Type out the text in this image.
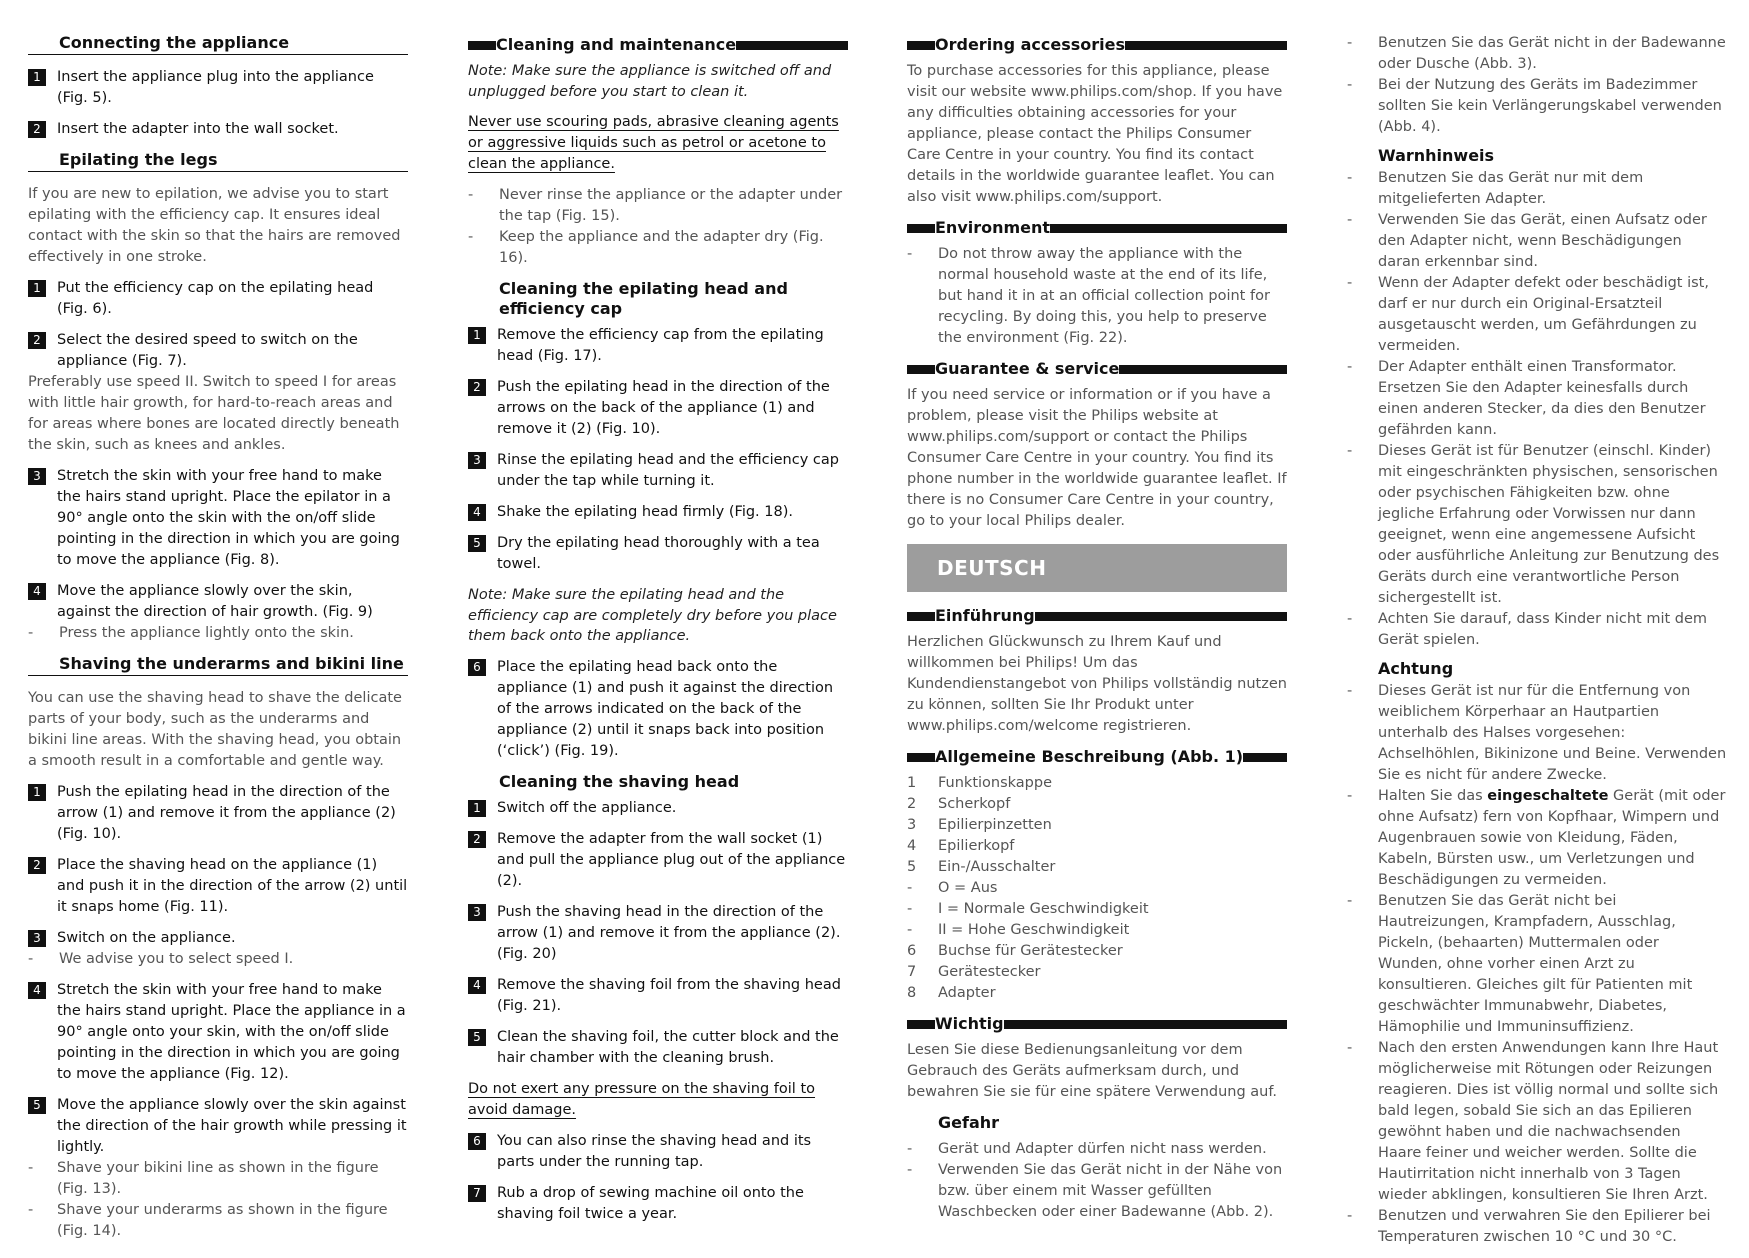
Connecting the appliance
1	Insert the appliance plug into the appliance (Fig. 5).
2	Insert the adapter into the wall socket.
Epilating the legs

If you are new to epilation, we advise you to start epilating with the efficiency cap. It ensures ideal contact with the skin so that the hairs are removed effectively in one stroke.

1	Put the efficiency cap on the epilating head (Fig. 6).
2	Select the desired speed to switch on the appliance (Fig. 7).

Preferably use speed II. Switch to speed I for areas with little hair growth, for hard-to-reach areas and for areas where bones are located directly beneath the skin, such as knees and ankles.

3	Stretch the skin with your free hand to make the hairs stand upright. Place the epilator in a 90° angle onto the skin with the on/off slide pointing in the direction in which you are going to move the appliance (Fig. 8).
4	Move the appliance slowly over the skin, against the direction of hair growth. (Fig. 9)
-	Press the appliance lightly onto the skin.
Shaving the underarms and bikini line

You can use the shaving head to shave the delicate parts of your body, such as the underarms and bikini line areas. With the shaving head, you obtain a smooth result in a comfortable and gentle way.

1	Push the epilating head in the direction of the arrow (1) and remove it from the appliance (2) (Fig. 10).
2	Place the shaving head on the appliance (1) and push it in the direction of the arrow (2) until it snaps home (Fig. 11).
3	Switch on the appliance.
-	We advise you to select speed I.
4	Stretch the skin with your free hand to make the hairs stand upright. Place the appliance in a 90° angle onto your skin, with the on/off slide pointing in the direction in which you are going to move the appliance (Fig. 12).
5	Move the appliance slowly over the skin against the direction of the hair growth while pressing it lightly.
-	Shave your bikini line as shown in the figure (Fig. 13).
-	Shave your underarms as shown in the figure (Fig. 14).
Cleaning and maintenance

Note: Make sure the appliance is switched off and unplugged before you start to clean it.

Never use scouring pads, abrasive cleaning agents or aggressive liquids such as petrol or acetone to clean the appliance.
-	Never rinse the appliance or the adapter under the tap (Fig. 15).
-	Keep the appliance and the adapter dry (Fig. 16).
Cleaning the epilating head and efficiency cap
1	Remove the efficiency cap from the epilating head (Fig. 17).
2	Push the epilating head in the direction of the arrows on the back of the appliance (1) and remove it (2) (Fig. 10).
3	Rinse the epilating head and the efficiency cap under the tap while turning it.
4	Shake the epilating head firmly (Fig. 18).
5	Dry the epilating head thoroughly with a tea towel.

Note: Make sure the epilating head and the efficiency cap are completely dry before you place them back onto the appliance.

6	Place the epilating head back onto the appliance (1) and push it against the direction of the arrows indicated on the back of the appliance (2) until it snaps back into position (‘click’) (Fig. 19).
Cleaning the shaving head
1	Switch off the appliance.
2	Remove the adapter from the wall socket (1) and pull the appliance plug out of the appliance (2).
3	Push the shaving head in the direction of the arrow (1) and remove it from the appliance (2). (Fig. 20)
4	Remove the shaving foil from the shaving head (Fig. 21).
5	Clean the shaving foil, the cutter block and the hair chamber with the cleaning brush.
Do not exert any pressure on the shaving foil to avoid damage.
6	You can also rinse the shaving head and its parts under the running tap.
7	Rub a drop of sewing machine oil onto the shaving foil twice a year.
Ordering accessories

To purchase accessories for this appliance, please visit our website www.philips.com/shop. If you have any difficulties obtaining accessories for your appliance, please contact the Philips Consumer Care Centre in your country. You find its contact details in the worldwide guarantee leaflet. You can also visit www.philips.com/support.

Environment
-	Do not throw away the appliance with the normal household waste at the end of its life, but hand it in at an official collection point for recycling. By doing this, you help to preserve the environment (Fig. 22).
Guarantee & service

If you need service or information or if you have a problem, please visit the Philips website at www.philips.com/support or contact the Philips Consumer Care Centre in your country. You find its phone number in the worldwide guarantee leaflet. If there is no Consumer Care Centre in your country, go to your local Philips dealer.

DEUTSCH
Einführung

Herzlichen Glückwunsch zu Ihrem Kauf und willkommen bei Philips! Um das Kundendienstangebot von Philips vollständig nutzen zu können, sollten Sie Ihr Produkt unter www.philips.com/welcome registrieren.

Allgemeine Beschreibung (Abb. 1)
1	Funktionskappe
2	Scherkopf
3	Epilierpinzetten
4	Epilierkopf
5	Ein-/Ausschalter
-	O = Aus
-	I = Normale Geschwindigkeit
-	II = Hohe Geschwindigkeit
6	Buchse für Gerätestecker
7	Gerätestecker
8	Adapter
Wichtig

Lesen Sie diese Bedienungsanleitung vor dem Gebrauch des Geräts aufmerksam durch, und bewahren Sie sie für eine spätere Verwendung auf.

Gefahr
-	Gerät und Adapter dürfen nicht nass werden.
-	Verwenden Sie das Gerät nicht in der Nähe von bzw. über einem mit Wasser gefüllten Waschbecken oder einer Badewanne (Abb. 2).
-	Benutzen Sie das Gerät nicht in der Badewanne oder Dusche (Abb. 3).
-	Bei der Nutzung des Geräts im Badezimmer sollten Sie kein Verlängerungskabel verwenden (Abb. 4).
Warnhinweis
-	Benutzen Sie das Gerät nur mit dem mitgelieferten Adapter.
-	Verwenden Sie das Gerät, einen Aufsatz oder den Adapter nicht, wenn Beschädigungen daran erkennbar sind.
-	Wenn der Adapter defekt oder beschädigt ist, darf er nur durch ein Original-Ersatzteil ausgetauscht werden, um Gefährdungen zu vermeiden.
-	Der Adapter enthält einen Transformator. Ersetzen Sie den Adapter keinesfalls durch einen anderen Stecker, da dies den Benutzer gefährden kann.
-	Dieses Gerät ist für Benutzer (einschl. Kinder) mit eingeschränkten physischen, sensorischen oder psychischen Fähigkeiten bzw. ohne jegliche Erfahrung oder Vorwissen nur dann geeignet, wenn eine angemessene Aufsicht oder ausführliche Anleitung zur Benutzung des Geräts durch eine verantwortliche Person sichergestellt ist.
-	Achten Sie darauf, dass Kinder nicht mit dem Gerät spielen.
Achtung
-	Dieses Gerät ist nur für die Entfernung von weiblichem Körperhaar an Hautpartien unterhalb des Halses vorgesehen: Achselhöhlen, Bikinizone und Beine. Verwenden Sie es nicht für andere Zwecke.
-	Halten Sie das eingeschaltete Gerät (mit oder ohne Aufsatz) fern von Kopfhaar, Wimpern und Augenbrauen sowie von Kleidung, Fäden, Kabeln, Bürsten usw., um Verletzungen und Beschädigungen zu vermeiden.
-	Benutzen Sie das Gerät nicht bei Hautreizungen, Krampfadern, Ausschlag, Pickeln, (behaarten) Muttermalen oder Wunden, ohne vorher einen Arzt zu konsultieren. Gleiches gilt für Patienten mit geschwächter Immunabwehr, Diabetes, Hämophilie und Immuninsuffizienz.
-	Nach den ersten Anwendungen kann Ihre Haut möglicherweise mit Rötungen oder Reizungen reagieren. Dies ist völlig normal und sollte sich bald legen, sobald Sie sich an das Epilieren gewöhnt haben und die nachwachsenden Haare feiner und weicher werden. Sollte die Hautirritation nicht innerhalb von 3 Tagen wieder abklingen, konsultieren Sie Ihren Arzt.
-	Benutzen und verwahren Sie den Epilierer bei Temperaturen zwischen 10 °C und 30 °C.
